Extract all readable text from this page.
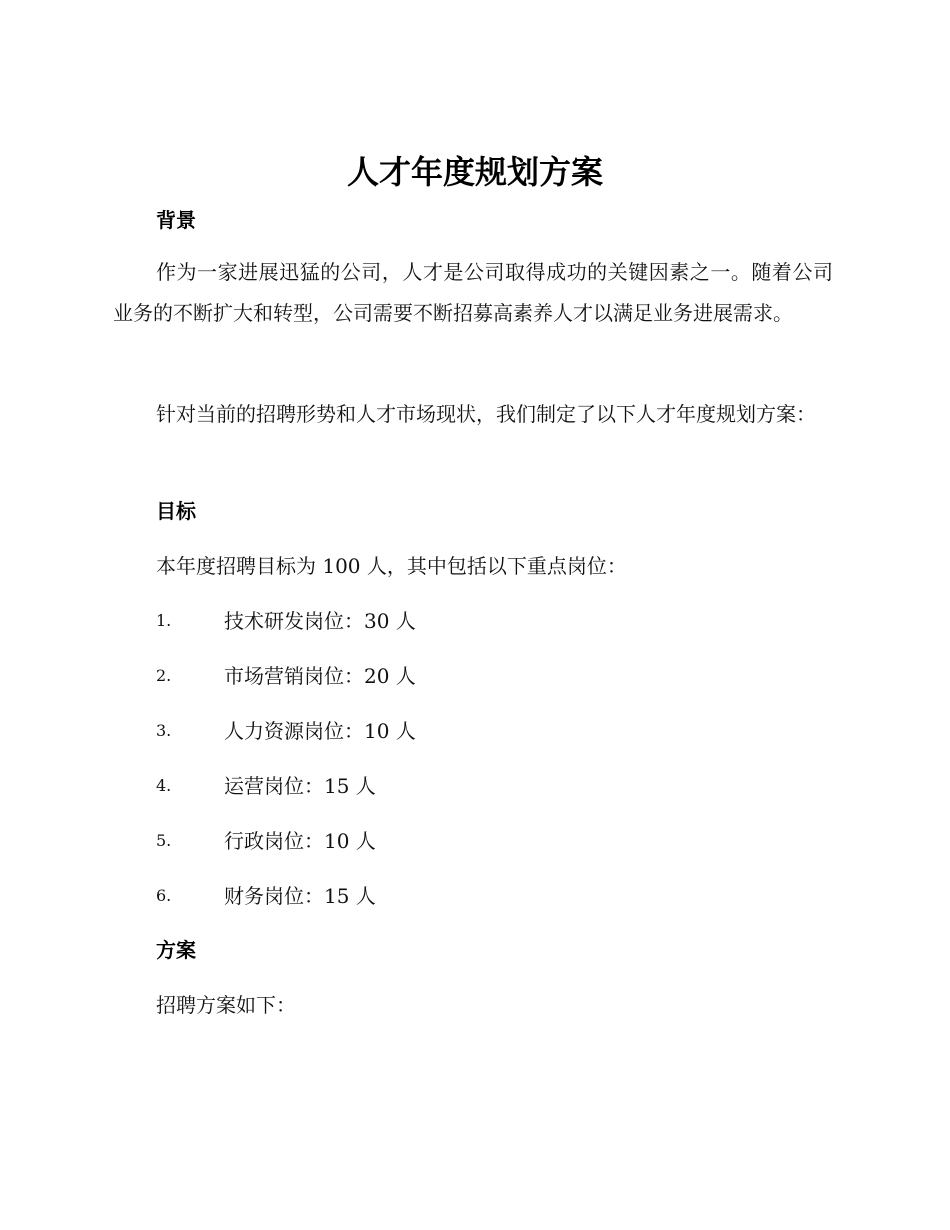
人才年度规划方案
背景

作为一家进展迅猛的公司，人才是公司取得成功的关键因素之一。随着公司业务的不断扩大和转型，公司需要不断招募高素养人才以满足业务进展需求。

针对当前的招聘形势和人才市场现状，我们制定了以下人才年度规划方案：

目标

本年度招聘目标为 100 人，其中包括以下重点岗位：

1.	技术研发岗位：30 人
2.	市场营销岗位：20 人
3.	人力资源岗位：10 人
4.	运营岗位：15 人
5.	行政岗位：10 人
6.	财务岗位：15 人
方案

招聘方案如下：
